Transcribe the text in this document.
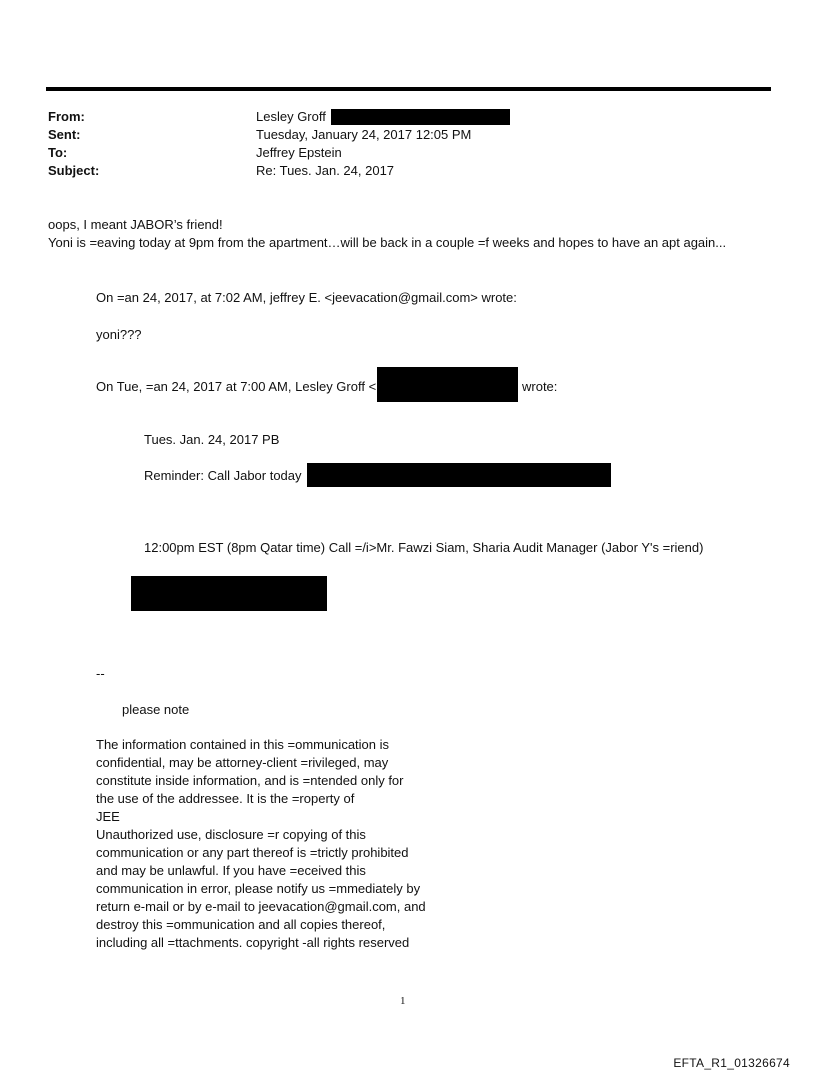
From:	Lesley Groff
Sent:	Tuesday, January 24, 2017 12:05 PM
To:	Jeffrey Epstein
Subject:	Re: Tues. Jan. 24, 2017
oops, I meant JABOR’s friend!
Yoni is =eaving today at 9pm from the apartment…will be back in a couple =f weeks and hopes to have an apt again...
On =an 24, 2017, at 7:02 AM, jeffrey E. <jeevacation@gmail.com> wrote:
yoni???
On Tue, =an 24, 2017 at 7:00 AM, Lesley Groff <	wrote:
Tues. Jan. 24, 2017 PB
Reminder: Call Jabor today
12:00pm EST (8pm Qatar time) Call =/i>Mr. Fawzi Siam, Sharia Audit Manager (Jabor Y's =riend)
--
please note
The information contained in this =ommunication is
confidential, may be attorney-client =rivileged, may
constitute inside information, and is =ntended only for
the use of the addressee. It is the =roperty of
JEE
Unauthorized use, disclosure =r copying of this
communication or any part thereof is =trictly prohibited
and may be unlawful. If you have =eceived this
communication in error, please notify us =mmediately by
return e-mail or by e-mail to jeevacation@gmail.com, and
destroy this =ommunication and all copies thereof,
including all =ttachments. copyright -all rights reserved
1
EFTA_R1_01326674
